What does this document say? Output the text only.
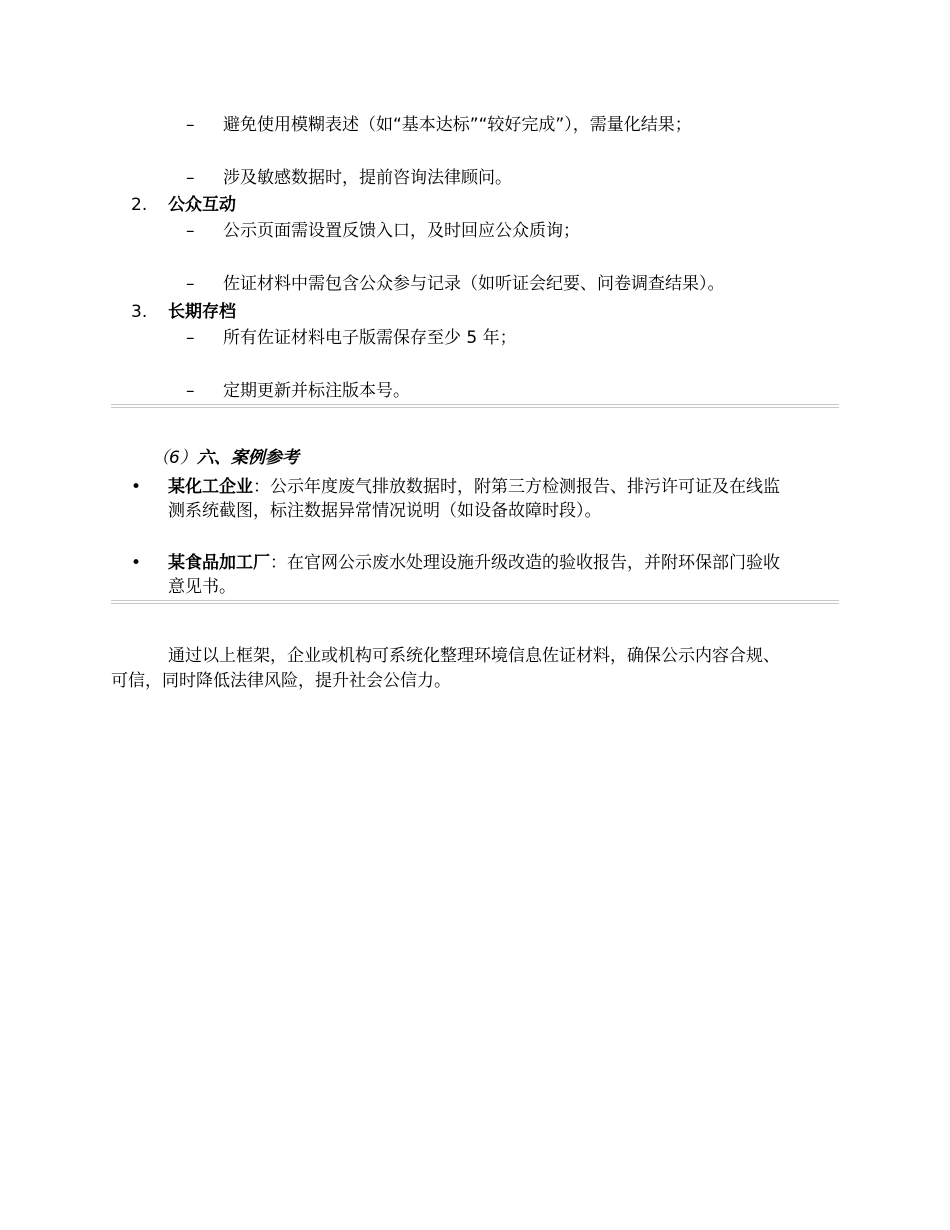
–	避免使用模糊表述（如“基本达标”“较好完成”），需量化结果；
–	涉及敏感数据时，提前咨询法律顾问。
2.	公众互动
–	公示页面需设置反馈入口，及时回应公众质询；
–	佐证材料中需包含公众参与记录（如听证会纪要、问卷调查结果）。
3.	长期存档
–	所有佐证材料电子版需保存至少 5 年；
–	定期更新并标注版本号。
（6）六、案例参考
• 某化工企业：公示年度废气排放数据时，附第三方检测报告、排污许可证及在线监
测系统截图，标注数据异常情况说明（如设备故障时段）。
• 某食品加工厂：在官网公示废水处理设施升级改造的验收报告，并附环保部门验收
意见书。
通过以上框架，企业或机构可系统化整理环境信息佐证材料，确保公示内容合规、
可信，同时降低法律风险，提升社会公信力。
